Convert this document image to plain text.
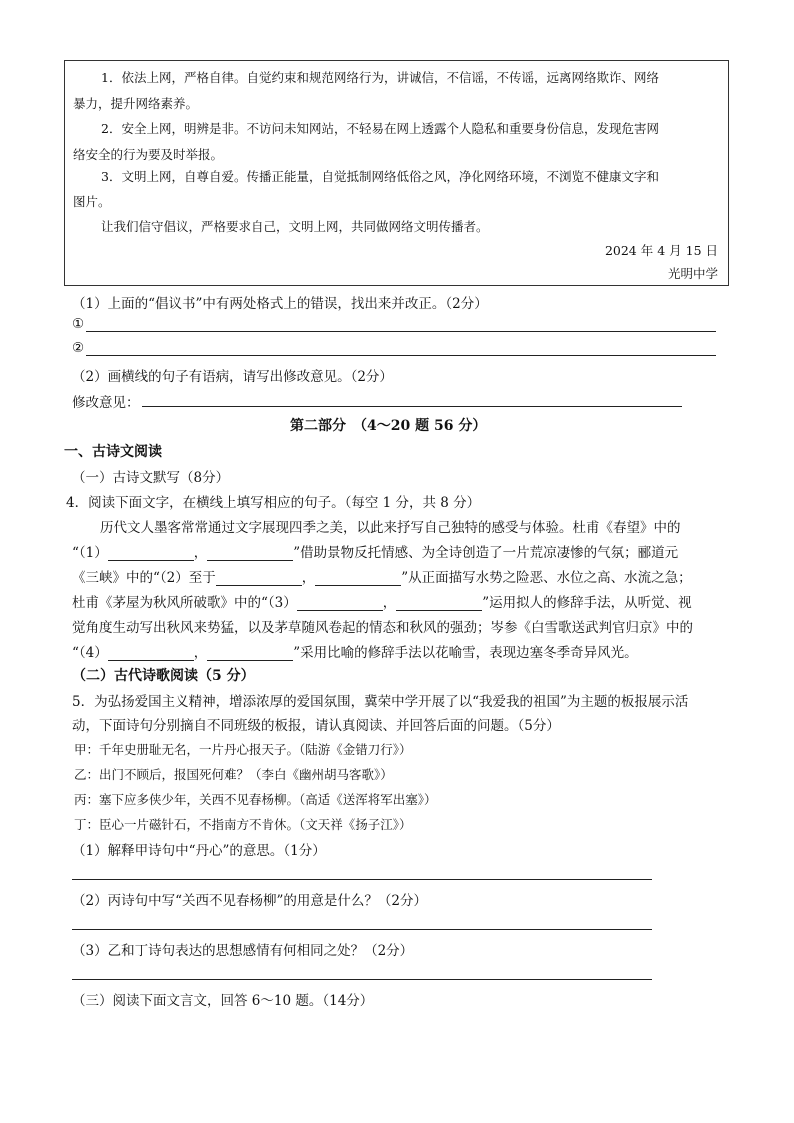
1．依法上网，严格自律。自觉约束和规范网络行为，讲诚信，不信谣，不传谣，远离网络欺诈、网络
暴力，提升网络素养。
2．安全上网，明辨是非。不访问未知网站，不轻易在网上透露个人隐私和重要身份信息，发现危害网
络安全的行为要及时举报。
3．文明上网，自尊自爱。传播正能量，自觉抵制网络低俗之风，净化网络环境，不浏览不健康文字和
图片。
让我们信守倡议，严格要求自己，文明上网，共同做网络文明传播者。
2024 年 4 月 15 日
光明中学
（1）上面的“倡议书”中有两处格式上的错误，找出来并改正。（2分）
①
②
（2）画横线的句子有语病，请写出修改意见。（2分）
修改意见：
第二部分　（4～20 题 56 分）
一、古诗文阅读
（一）古诗文默写（8分）
4．阅读下面文字，在横线上填写相应的句子。（每空 1 分，共 8 分）
历代文人墨客常常通过文字展现四季之美，以此来抒写自己独特的感受与体验。杜甫《春望》中的
“（1）	，	”借助景物反托情感、为全诗创造了一片荒凉凄惨的气氛；郦道元
《三峡》中的“（2）至于	，	”从正面描写水势之险恶、水位之高、水流之急；
杜甫《茅屋为秋风所破歌》中的“（3）	，	”运用拟人的修辞手法，从听觉、视
觉角度生动写出秋风来势猛，以及茅草随风卷起的情态和秋风的强劲；岑参《白雪歌送武判官归京》中的
“（4）	，	”采用比喻的修辞手法以花喻雪，表现边塞冬季奇异风光。
（二）古代诗歌阅读（5 分）
5．为弘扬爱国主义精神，增添浓厚的爱国氛围，冀荣中学开展了以“我爱我的祖国”为主题的板报展示活
动，下面诗句分别摘自不同班级的板报，请认真阅读、并回答后面的问题。（5分）
甲：千年史册耻无名，一片丹心报天子。（陆游《金错刀行》）
乙：出门不顾后，报国死何难？（李白《幽州胡马客歌》）
丙：塞下应多侠少年，关西不见春杨柳。（高适《送浑将军出塞》）
丁：臣心一片磁针石，不指南方不肯休。（文天祥《扬子江》）
（1）解释甲诗句中“丹心”的意思。（1分）
（2）丙诗句中写“关西不见春杨柳”的用意是什么？（2分）
（3）乙和丁诗句表达的思想感情有何相同之处？（2分）
（三）阅读下面文言文，回答 6～10 题。（14分）
